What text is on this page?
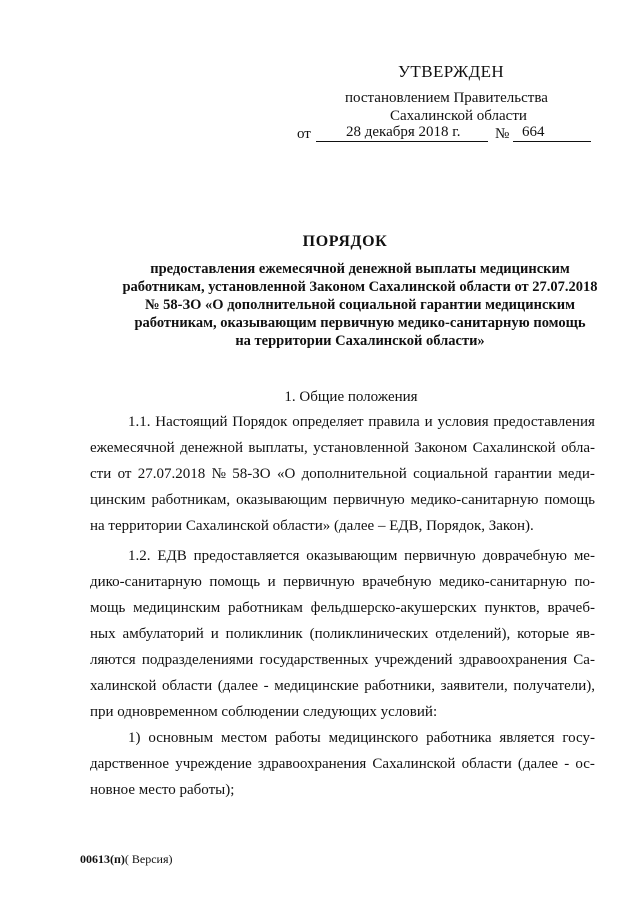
УТВЕРЖДЕН
постановлением Правительства
Сахалинской области
от 28 декабря 2018 г. № 664
ПОРЯДОК
предоставления ежемесячной денежной выплаты медицинским
работникам, установленной Законом Сахалинской области от 27.07.2018
№ 58-ЗО «О дополнительной социальной гарантии медицинским
работникам, оказывающим первичную медико-санитарную помощь
на территории Сахалинской области»
1. Общие положения
1.1. Настоящий Порядок определяет правила и условия предоставления
ежемесячной денежной выплаты, установленной Законом Сахалинской обла-
сти от 27.07.2018 № 58-ЗО «О дополнительной социальной гарантии меди-
цинским работникам, оказывающим первичную медико-санитарную помощь
на территории Сахалинской области» (далее – ЕДВ, Порядок, Закон).
1.2. ЕДВ предоставляется оказывающим первичную доврачебную ме-
дико-санитарную помощь и первичную врачебную медико-санитарную по-
мощь медицинским работникам фельдшерско-акушерских пунктов, врачеб-
ных амбулаторий и поликлиник (поликлинических отделений), которые яв-
ляются подразделениями государственных учреждений здравоохранения Са-
халинской области (далее - медицинские работники, заявители, получатели),
при одновременном соблюдении следующих условий:
1) основным местом работы медицинского работника является госу-
дарственное учреждение здравоохранения Сахалинской области (далее - ос-
новное место работы);
00613(п)( Версия)
